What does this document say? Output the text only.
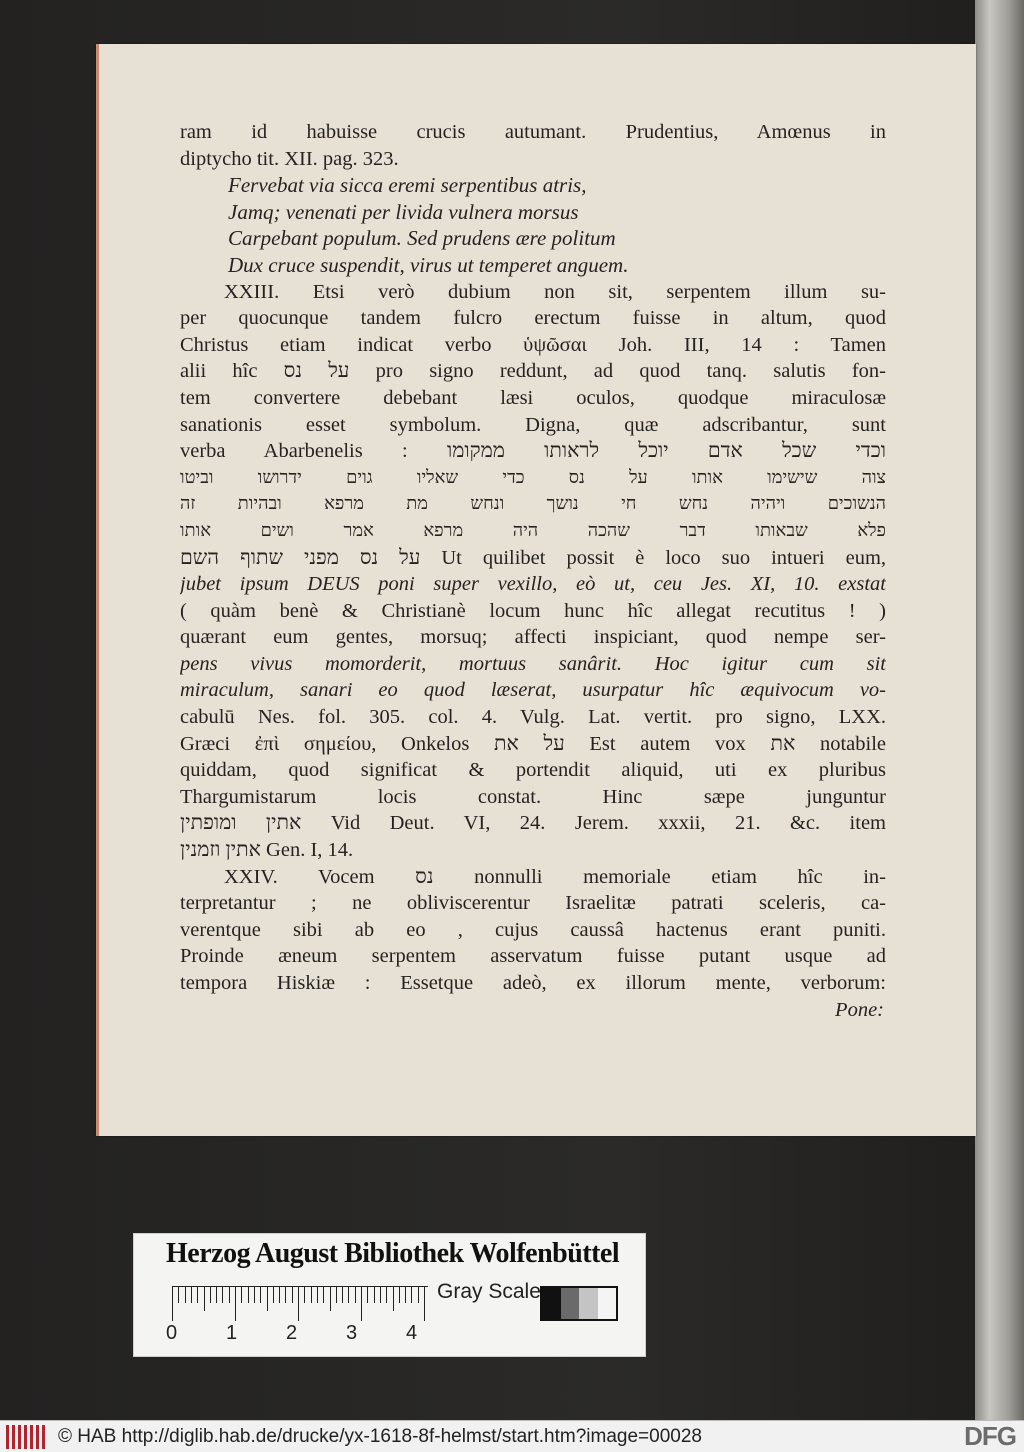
ram id habuisse crucis autumant. Prudentius, Amœnus in
diptycho tit. XII. pag. 323.
Fervebat via sicca eremi serpentibus atris,
Jamq; venenati per livida vulnera morsus
Carpebant populum. Sed prudens ære politum
Dux cruce suspendit, virus ut temperet anguem.
XXIII. Etsi verò dubium non sit, serpentem illum su-
per quocunque tandem fulcro erectum fuisse in altum, quod
Christus etiam indicat verbo ὑψῶσαι Joh. III, 14 : Tamen
alii hîc על נס pro signo reddunt, ad quod tanq. salutis fon-
tem convertere debebant læsi oculos, quodque miraculosæ
sanationis esset symbolum. Digna, quæ adscribantur, sunt
verba Abarbenelis : וכדי שכל אדם יוכל לראותו ממקומו
צוה שישימו אותו על נס כדי שאליו גוים ידרושו וביטו
הנשוכים ויהיה נחש חי נושך ונחש מת מרפא ובהיות זה
פלא שבאותו דבר שהכה היה מרפא אמר ושים אותו
על נס מפני שתוף השם Ut quilibet possit è loco suo intueri eum,
jubet ipsum DEUS poni super vexillo, eò ut, ceu Jes. XI, 10. exstat
( quàm benè & Christianè locum hunc hîc allegat recutitus ! )
quærant eum gentes, morsuq; affecti inspiciant, quod nempe ser-
pens vivus momorderit, mortuus sanârit. Hoc igitur cum sit
miraculum, sanari eo quod læserat, usurpatur hîc æquivocum vo-
cabulū Nes. fol. 305. col. 4. Vulg. Lat. vertit. pro signo, LXX.
Græci ἐπὶ σημείου, Onkelos על את Est autem vox את notabile
quiddam, quod significat & portendit aliquid, uti ex pluribus
Thargumistarum locis constat. Hinc sæpe junguntur
אתין ומופתין Vid Deut. VI, 24. Jerem. xxxii, 21. &c. item
אתין וזמנין Gen. I, 14.
XXIV. Vocem נס nonnulli memoriale etiam hîc in-
terpretantur ; ne obliviscerentur Israelitæ patrati sceleris, ca-
verentque sibi ab eo , cujus caussâ hactenus erant puniti.
Proinde æneum serpentem asservatum fuisse putant usque ad
tempora Hiskiæ : Essetque adeò, ex illorum mente, verborum:
Pone:
Herzog August Bibliothek Wolfenbüttel
0 1 2 3 4
Gray Scale
© HAB http://diglib.hab.de/drucke/yx-1618-8f-helmst/start.htm?image=00028	DFG
